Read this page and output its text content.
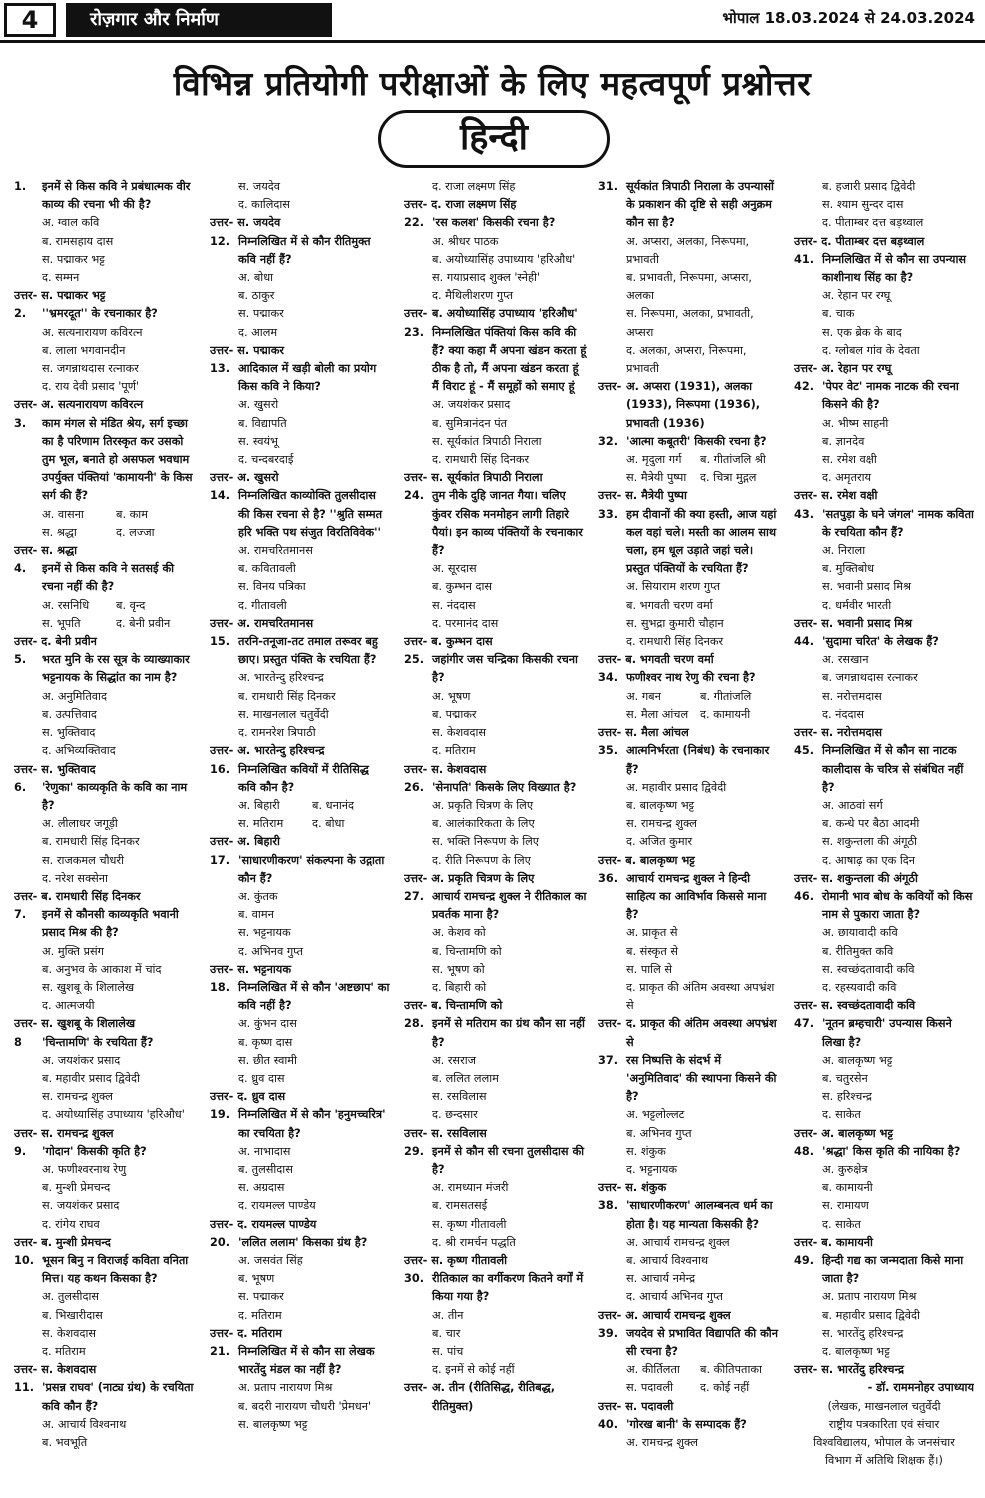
4	रोज़गार और निर्माण	भोपाल 18.03.2024 से 24.03.2024
विभिन्न प्रतियोगी परीक्षाओं के लिए महत्वपूर्ण प्रश्नोत्तर
हिन्दी
1. इनमें से किस कवि ने प्रबंधात्मक वीर काव्य की रचना भी की है?
अ. ग्वाल कवि
ब. रामसहाय दास
स. पद्माकर भट्ट
द. सम्मन
उत्तर- स. पद्माकर भट्ट
2. ''भ्रमरदूत'' के रचनाकार है?
अ. सत्यनारायण कविरत्न
ब. लाला भगवानदीन
स. जगन्नाथदास रत्नाकर
द. राय देवी प्रसाद 'पूर्ण'
उत्तर- अ. सत्यनारायण कविरत्न
3. काम मंगल से मंडित श्रेय, सर्ग इच्छा का है परिणाम तिरस्कृत कर उसको तुम भूल, बनाते हो असफल भवधाम उपर्युक्त पंक्तियां 'कामायनी' के किस सर्ग की हैं?
अ. वासना	ब. काम
स. श्रद्धा	द. लज्जा
उत्तर- स. श्रद्धा
4. इनमें से किस कवि ने सतसई की रचना नहीं की है?
अ. रसनिधि ब. वृन्द
स. भूपति	द. बेनी प्रवीन
उत्तर- द. बेनी प्रवीन
5. भरत मुनि के रस सूत्र के व्याख्याकार भट्टनायक के सिद्धांत का नाम है?
अ. अनुमितिवाद
ब. उत्पत्तिवाद
स. भुक्तिवाद
द. अभिव्यक्तिवाद
उत्तर- स. भुक्तिवाद
6. 'रेणुका' काव्यकृति के कवि का नाम है?
अ. लीलाधर जगूड़ी
ब. रामधारी सिंह दिनकर
स. राजकमल चौधरी
द. नरेश सक्सेना
उत्तर- ब. रामधारी सिंह दिनकर
7. इनमें से कौनसी काव्यकृति भवानी प्रसाद मिश्र की है?
अ. मुक्ति प्रसंग
ब. अनुभव के आकाश में चांद
स. खुशबू के शिलालेख
द. आत्मजयी
उत्तर- स. खुशबू के शिलालेख
8 'चिन्तामणि' के रचयिता हैं?
अ. जयशंकर प्रसाद
ब. महावीर प्रसाद द्विवेदी
स. रामचन्द्र शुक्ल
द. अयोध्यासिंह उपाध्याय 'हरिऔध'
उत्तर- स. रामचन्द्र शुक्ल
9. 'गोदान' किसकी कृति है?
अ. फणीश्वरनाथ रेणु
ब. मुन्शी प्रेमचन्द
स. जयशंकर प्रसाद
द. रांगेय राघव
उत्तर- ब. मुन्शी प्रेमचन्द
10. भूसन बिनु न विराजई कविता वनिता मित्त। यह कथन किसका है?
अ. तुलसीदास
ब. भिखारीदास
स. केशवदास
द. मतिराम
उत्तर- स. केशवदास
11. 'प्रसन्न राघव' (नाट्य ग्रंथ) के रचयिता कवि कौन हैं?
अ. आचार्य विश्वनाथ
ब. भवभूति
स. जयदेव
द. कालिदास
उत्तर- स. जयदेव
12. निम्नलिखित में से कौन रीतिमुक्त कवि नहीं हैं?
अ. बोधा
ब. ठाकुर
स. पद्माकर
द. आलम
उत्तर- स. पद्माकर
13. आदिकाल में खड़ी बोली का प्रयोग किस कवि ने किया?
अ. खुसरो
ब. विद्यापति
स. स्वयंभू
द. चन्दबरदाई
उत्तर- अ. खुसरो
14. निम्नलिखित काव्योक्ति तुलसीदास की किस रचना से है? ''श्रुति सम्मत हरि भक्ति पथ संजुत विरतिविवेक''
अ. रामचरितमानस
ब. कवितावली
स. विनय पत्रिका
द. गीतावली
उत्तर- अ. रामचरितमानस
15. तरनि-तनूजा-तट तमाल तरूवर बहु छाए। प्रस्तुत पंक्ति के रचयिता हैं?
अ. भारतेन्दु हरिश्चन्द्र
ब. रामधारी सिंह दिनकर
स. माखनलाल चतुर्वेदी
द. रामनरेश त्रिपाठी
उत्तर- अ. भारतेन्दु हरिश्चन्द्र
16. निम्नलिखित कवियों में रीतिसिद्ध कवि कौन है?
अ. बिहारी	ब. धनानंद
स. मतिराम	द. बोधा
उत्तर- अ. बिहारी
17. 'साधारणीकरण' संकल्पना के उद्गाता कौन हैं?
अ. कुंतक
ब. वामन
स. भट्टनायक
द. अभिनव गुप्त
उत्तर- स. भट्टनायक
18. निम्नलिखित में से कौन 'अष्टछाप' का कवि नहीं है?
अ. कुंभन दास
ब. कृष्ण दास
स. छीत स्वामी
द. ध्रुव दास
उत्तर- द. ध्रुव दास
19. निम्नलिखित में से कौन 'हनुमच्चरित्र' का रचयिता है?
अ. नाभादास
ब. तुलसीदास
स. अग्रदास
द. रायमल्ल पाण्डेय
उत्तर- द. रायमल्ल पाण्डेय
20. 'ललित ललाम' किसका ग्रंथ है?
अ. जसवंत सिंह
ब. भूषण
स. पद्माकर
द. मतिराम
उत्तर- द. मतिराम
21. निम्नलिखित में से कौन सा लेखक भारतेंदु मंडल का नहीं है?
अ. प्रताप नारायण मिश्र
ब. बदरी नारायण चौधरी 'प्रेमधन'
स. बालकृष्ण भट्ट
द. राजा लक्ष्मण सिंह
उत्तर- द. राजा लक्ष्मण सिंह
22. 'रस कलश' किसकी रचना है?
अ. श्रीधर पाठक
ब. अयोध्यासिंह उपाध्याय 'हरिऔध'
स. गयाप्रसाद शुक्ल 'स्नेही'
द. मैथिलीशरण गुप्त
उत्तर- ब. अयोध्यासिंह उपाध्याय 'हरिऔध'
23. निम्नलिखित पंक्तियां किस कवि की हैं? क्या कहा मैं अपना खंडन करता हूं ठीक है तो, मैं अपना खंडन करता हूं मैं विराट हूं - मैं समूहों को समाए हूं
अ. जयशंकर प्रसाद
ब. सुमित्रानंदन पंत
स. सूर्यकांत त्रिपाठी निराला
द. रामधारी सिंह दिनकर
उत्तर- स. सूर्यकांत त्रिपाठी निराला
24. तुम नीके दुहि जानत गैया। चलिए कुंवर रसिक मनमोहन लागी तिहारे पैयां। इन काव्य पंक्तियों के रचनाकार हैं?
अ. सूरदास
ब. कुम्भन दास
स. नंददास
द. परमानंद दास
उत्तर- ब. कुम्भन दास
25. जहांगीर जस चन्द्रिका किसकी रचना है?
अ. भूषण
ब. पद्माकर
स. केशवदास
द. मतिराम
उत्तर- स. केशवदास
26. 'सेनापति' किसके लिए विख्यात है?
अ. प्रकृति चित्रण के लिए
ब. आलंकारिकता के लिए
स. भक्ति निरूपण के लिए
द. रीति निरूपण के लिए
उत्तर- अ. प्रकृति चित्रण के लिए
27. आचार्य रामचन्द्र शुक्ल ने रीतिकाल का प्रवर्तक माना है?
अ. केशव को
ब. चिन्तामणि को
स. भूषण को
द. बिहारी को
उत्तर- ब. चिन्तामणि को
28. इनमें से मतिराम का ग्रंथ कौन सा नहीं है?
अ. रसराज
ब. ललित ललाम
स. रसविलास
द. छन्दसार
उत्तर- स. रसविलास
29. इनमें से कौन सी रचना तुलसीदास की है?
अ. रामध्यान मंजरी
ब. रामसतसई
स. कृष्ण गीतावली
द. श्री रामर्चन पद्धति
उत्तर- स. कृष्ण गीतावली
30. रीतिकाल का वर्गीकरण कितने वर्गों में किया गया है?
अ. तीन
ब. चार
स. पांच
द. इनमें से कोई नहीं
उत्तर- अ. तीन (रीतिसिद्ध, रीतिबद्ध, रीतिमुक्त)
31. सूर्यकांत त्रिपाठी निराला के उपन्यासों के प्रकाशन की दृष्टि से सही अनुक्रम कौन सा है?
अ. अप्सरा, अलका, निरूपमा,
प्रभावती
ब. प्रभावती, निरूपमा, अप्सरा,
अलका
स. निरूपमा, अलका, प्रभावती,
अप्सरा
द. अलका, अप्सरा, निरूपमा,
प्रभावती
उत्तर- अ. अप्सरा (1931), अलका (1933), निरूपमा (1936), प्रभावती (1936)
32. 'आत्मा कबूतरी' किसकी रचना है?
अ. मृदुला गर्ग ब. गीतांजलि श्री
स. मैत्रेयी पुष्पा द. चित्रा मुद्गल
उत्तर- स. मैत्रेयी पुष्पा
33. हम दीवानों की क्या हस्ती, आज यहां कल वहां चले। मस्ती का आलम साथ चला, हम धूल उड़ाते जहां चले। प्रस्तुत पंक्तियों के रचयिता हैं?
अ. सियाराम शरण गुप्त
ब. भगवती चरण वर्मा
स. सुभद्रा कुमारी चौहान
द. रामधारी सिंह दिनकर
उत्तर- ब. भगवती चरण वर्मा
34. फणीश्वर नाथ रेणु की रचना है?
अ. गबन	ब. गीतांजलि
स. मैला आंचल द. कामायनी
उत्तर- स. मैला आंचल
35. आत्मनिर्भरता (निबंध) के रचनाकार हैं?
अ. महावीर प्रसाद द्विवेदी
ब. बालकृष्ण भट्ट
स. रामचन्द्र शुक्ल
द. अजित कुमार
उत्तर- ब. बालकृष्ण भट्ट
36. आचार्य रामचन्द्र शुक्ल ने हिन्दी साहित्य का आविर्भाव किससे माना है?
अ. प्राकृत से
ब. संस्कृत से
स. पालि से
द. प्राकृत की अंतिम अवस्था अपभ्रंश
से
उत्तर- द. प्राकृत की अंतिम अवस्था अपभ्रंश से
37. रस निष्पत्ति के संदर्भ में 'अनुमितिवाद' की स्थापना किसने की है?
अ. भट्टलोल्लट
ब. अभिनव गुप्त
स. शंकुक
द. भट्टनायक
उत्तर- स. शंकुक
38. 'साधारणीकरण' आलम्बनत्व धर्म का होता है। यह मान्यता किसकी है?
अ. आचार्य रामचन्द्र शुक्ल
ब. आचार्य विश्वनाथ
स. आचार्य नमेन्द्र
द. आचार्य अभिनव गुप्त
उत्तर- अ. आचार्य रामचन्द्र शुक्ल
39. जयदेव से प्रभावित विद्यापति की कौन सी रचना है?
अ. कीर्तिलता ब. कीतिपताका
स. पदावली द. कोई नहीं
उत्तर- स. पदावली
40. 'गोरख बानी' के सम्पादक हैं?
अ. रामचन्द्र शुक्ल
ब. हजारी प्रसाद द्विवेदी
स. श्याम सुन्दर दास
द. पीताम्बर दत्त बड़थ्वाल
उत्तर- द. पीताम्बर दत्त बड़थ्वाल
41. निम्नलिखित में से कौन सा उपन्यास काशीनाथ सिंह का है?
अ. रेहान पर रग्घू
ब. चाक
स. एक ब्रेक के बाद
द. ग्लोबल गांव के देवता
उत्तर- अ. रेहान पर रग्घू
42. 'पेपर वेट' नामक नाटक की रचना किसने की है?
अ. भीष्म साहनी
ब. ज्ञानदेव
स. रमेश वक्षी
द. अमृतराय
उत्तर- स. रमेश वक्षी
43. 'सतपुड़ा के घने जंगल' नामक कविता के रचयिता कौन हैं?
अ. निराला
ब. मुक्तिबोध
स. भवानी प्रसाद मिश्र
द. धर्मवीर भारती
उत्तर- स. भवानी प्रसाद मिश्र
44. 'सुदामा चरित' के लेखक हैं?
अ. रसखान
ब. जगन्नाथदास रत्नाकर
स. नरोत्तमदास
द. नंददास
उत्तर- स. नरोत्तमदास
45. निम्नलिखित में से कौन सा नाटक कालीदास के चरित्र से संबंधित नहीं है?
अ. आठवां सर्ग
ब. कन्धे पर बैठा आदमी
स. शकुन्तला की अंगूठी
द. आषाढ़ का एक दिन
उत्तर- स. शकुन्तला की अंगूठी
46. रोमानी भाव बोध के कवियों को किस नाम से पुकारा जाता है?
अ. छायावादी कवि
ब. रीतिमुक्त कवि
स. स्वच्छंदतावादी कवि
द. रहस्यवादी कवि
उत्तर- स. स्वच्छंदतावादी कवि
47. 'नूतन ब्रम्हचारी' उपन्यास किसने लिखा है?
अ. बालकृष्ण भट्ट
ब. चतुरसेन
स. हरिश्चन्द्र
द. साकेत
उत्तर- अ. बालकृष्ण भट्ट
48. 'श्रद्धा' किस कृति की नायिका है?
अ. कुरुक्षेत्र
ब. कामायनी
स. रामायण
द. साकेत
उत्तर- ब. कामायनी
49. हिन्दी गद्य का जन्मदाता किसे माना जाता है?
अ. प्रताप नारायण मिश्र
ब. महावीर प्रसाद द्विवेदी
स. भारतेंदु हरिश्चन्द्र
द. बालकृष्ण भट्ट
उत्तर- स. भारतेंदु हरिश्चन्द्र
- डॉ. राममनोहर उपाध्याय
(लेखक, माखनलाल चतुर्वेदी
राष्ट्रीय पत्रकारिता एवं संचार
विश्वविद्यालय, भोपाल के जनसंचार
विभाग में अतिथि शिक्षक हैं।)
